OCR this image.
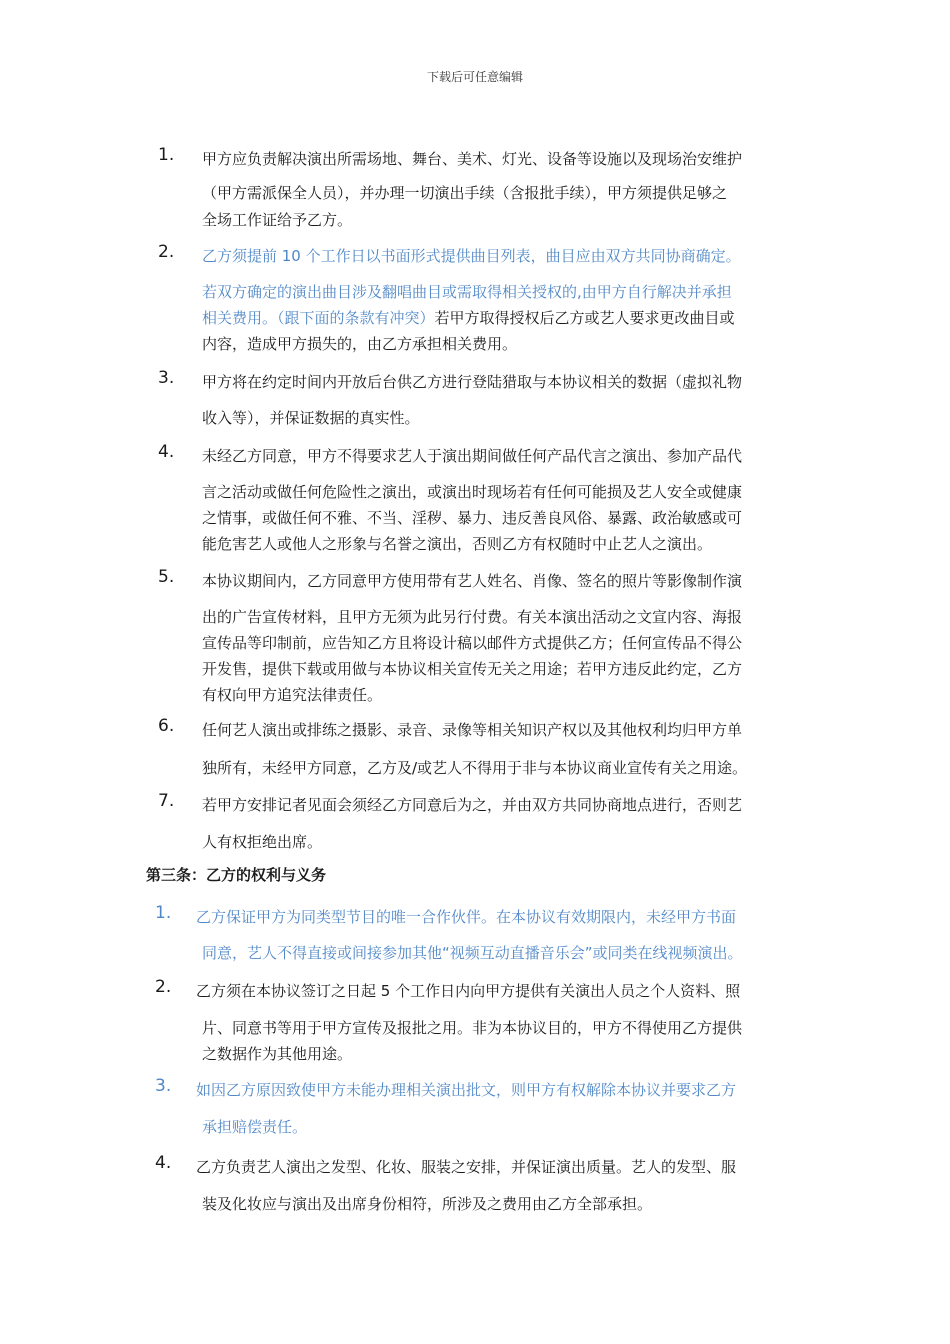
下载后可任意编辑
1. 甲方应负责解决演出所需场地、舞台、美术、灯光、设备等设施以及现场治安维护
（甲方需派保全人员），并办理一切演出手续（含报批手续），甲方须提供足够之
全场工作证给予乙方。
2. 乙方须提前 10 个工作日以书面形式提供曲目列表，曲目应由双方共同协商确定。
若双方确定的演出曲目涉及翻唱曲目或需取得相关授权的,由甲方自行解决并承担
相关费用。（跟下面的条款有冲突）若甲方取得授权后乙方或艺人要求更改曲目或
内容，造成甲方损失的，由乙方承担相关费用。
3. 甲方将在约定时间内开放后台供乙方进行登陆猎取与本协议相关的数据（虚拟礼物
收入等），并保证数据的真实性。
4. 未经乙方同意，甲方不得要求艺人于演出期间做任何产品代言之演出、参加产品代
言之活动或做任何危险性之演出，或演出时现场若有任何可能损及艺人安全或健康
之情事，或做任何不雅、不当、淫秽、暴力、违反善良风俗、暴露、政治敏感或可
能危害艺人或他人之形象与名誉之演出，否则乙方有权随时中止艺人之演出。
5. 本协议期间内，乙方同意甲方使用带有艺人姓名、肖像、签名的照片等影像制作演
出的广告宣传材料，且甲方无须为此另行付费。有关本演出活动之文宣内容、海报
宣传品等印制前，应告知乙方且将设计稿以邮件方式提供乙方；任何宣传品不得公
开发售，提供下载或用做与本协议相关宣传无关之用途；若甲方违反此约定，乙方
有权向甲方追究法律责任。
6. 任何艺人演出或排练之摄影、录音、录像等相关知识产权以及其他权利均归甲方单
独所有，未经甲方同意，乙方及/或艺人不得用于非与本协议商业宣传有关之用途。
7. 若甲方安排记者见面会须经乙方同意后为之，并由双方共同协商地点进行，否则艺
人有权拒绝出席。
第三条：乙方的权利与义务
1. 乙方保证甲方为同类型节目的唯一合作伙伴。在本协议有效期限内，未经甲方书面
同意，艺人不得直接或间接参加其他“视频互动直播音乐会”或同类在线视频演出。
2. 乙方须在本协议签订之日起 5 个工作日内向甲方提供有关演出人员之个人资料、照
片、同意书等用于甲方宣传及报批之用。非为本协议目的，甲方不得使用乙方提供
之数据作为其他用途。
3. 如因乙方原因致使甲方未能办理相关演出批文，则甲方有权解除本协议并要求乙方
承担赔偿责任。
4. 乙方负责艺人演出之发型、化妆、服装之安排，并保证演出质量。艺人的发型、服
装及化妆应与演出及出席身份相符，所涉及之费用由乙方全部承担。
